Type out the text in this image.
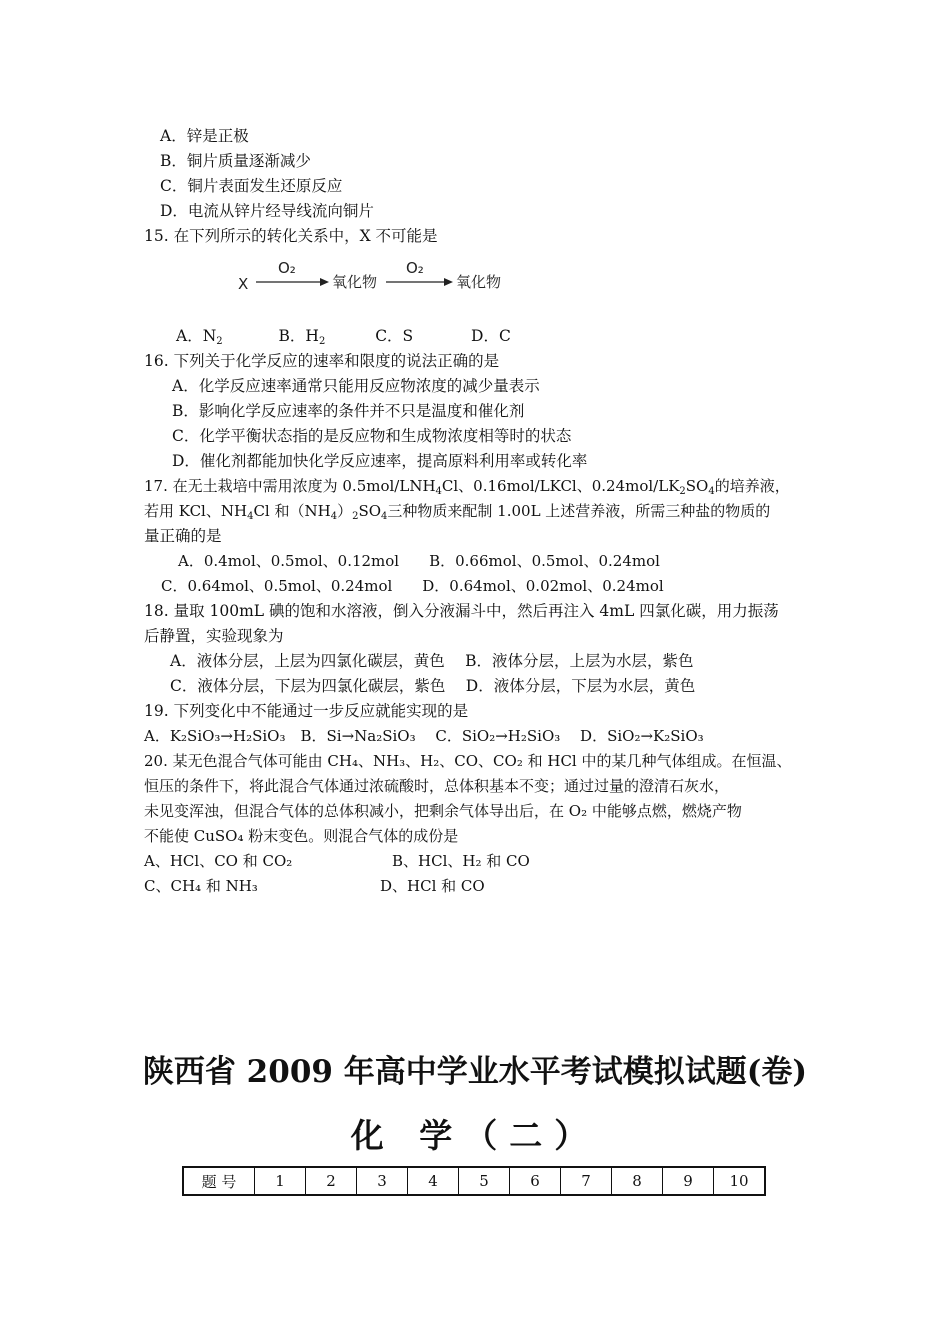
A．锌是正极
B．铜片质量逐渐减少
C．铜片表面发生还原反应
D．电流从锌片经导线流向铜片
15. 在下列所示的转化关系中，X 不可能是
X
O₂
氧化物
O₂
氧化物
A．$N_2$	B．$H_2$	C．S	D．C
16. 下列关于化学反应的速率和限度的说法正确的是
A．化学反应速率通常只能用反应物浓度的减少量表示
B．影响化学反应速率的条件并不只是温度和催化剂
C．化学平衡状态指的是反应物和生成物浓度相等时的状态
D．催化剂都能加快化学反应速率，提高原料利用率或转化率
17. 在无土栽培中需用浓度为 $0.5mol/LNH_4Cl$、0.16mol/LKCl、$0.24mol/LK_2SO_4$的培养液，
若用 KCl、$NH_4Cl$ 和$(NH_4)_2SO_4$三种物质来配制 1.00L 上述营养液，所需三种盐的物质的
量正确的是
A．0.4mol、0.5mol、0.12mol　　B．0.66mol、0.5mol、0.24mol
C．0.64mol、0.5mol、0.24mol　　D．0.64mol、0.02mol、0.24mol
18. 量取 100mL 碘的饱和水溶液，倒入分液漏斗中，然后再注入 4mL 四氯化碳，用力振荡
后静置，实验现象为
A．液体分层，上层为四氯化碳层，黄色　 B．液体分层，上层为水层，紫色
C．液体分层，下层为四氯化碳层，紫色　 D．液体分层，下层为水层，黄色
19. 下列变化中不能通过一步反应就能实现的是
A．K₂SiO₃→H₂SiO₃　B．Si→Na₂SiO₃　 C．SiO₂→H₂SiO₃　 D．SiO₂→K₂SiO₃
20. 某无色混合气体可能由 CH₄、NH₃、H₂、CO、CO₂ 和 HCl 中的某几种气体组成。在恒温、
恒压的条件下，将此混合气体通过浓硫酸时，总体积基本不变；通过过量的澄清石灰水，
未见变浑浊，但混合气体的总体积减小，把剩余气体导出后，在 O₂ 中能够点燃，燃烧产物
不能使 CuSO₄ 粉末变色。则混合气体的成份是
A、HCl、CO 和 CO₂	B、HCl、H₂ 和 CO
C、CH₄ 和 NH₃	D、HCl 和 CO
陕西省 2009 年高中学业水平考试模拟试题(卷)
化 学（二）
题 号	1	2	3	4	5	6	7	8	9	10
